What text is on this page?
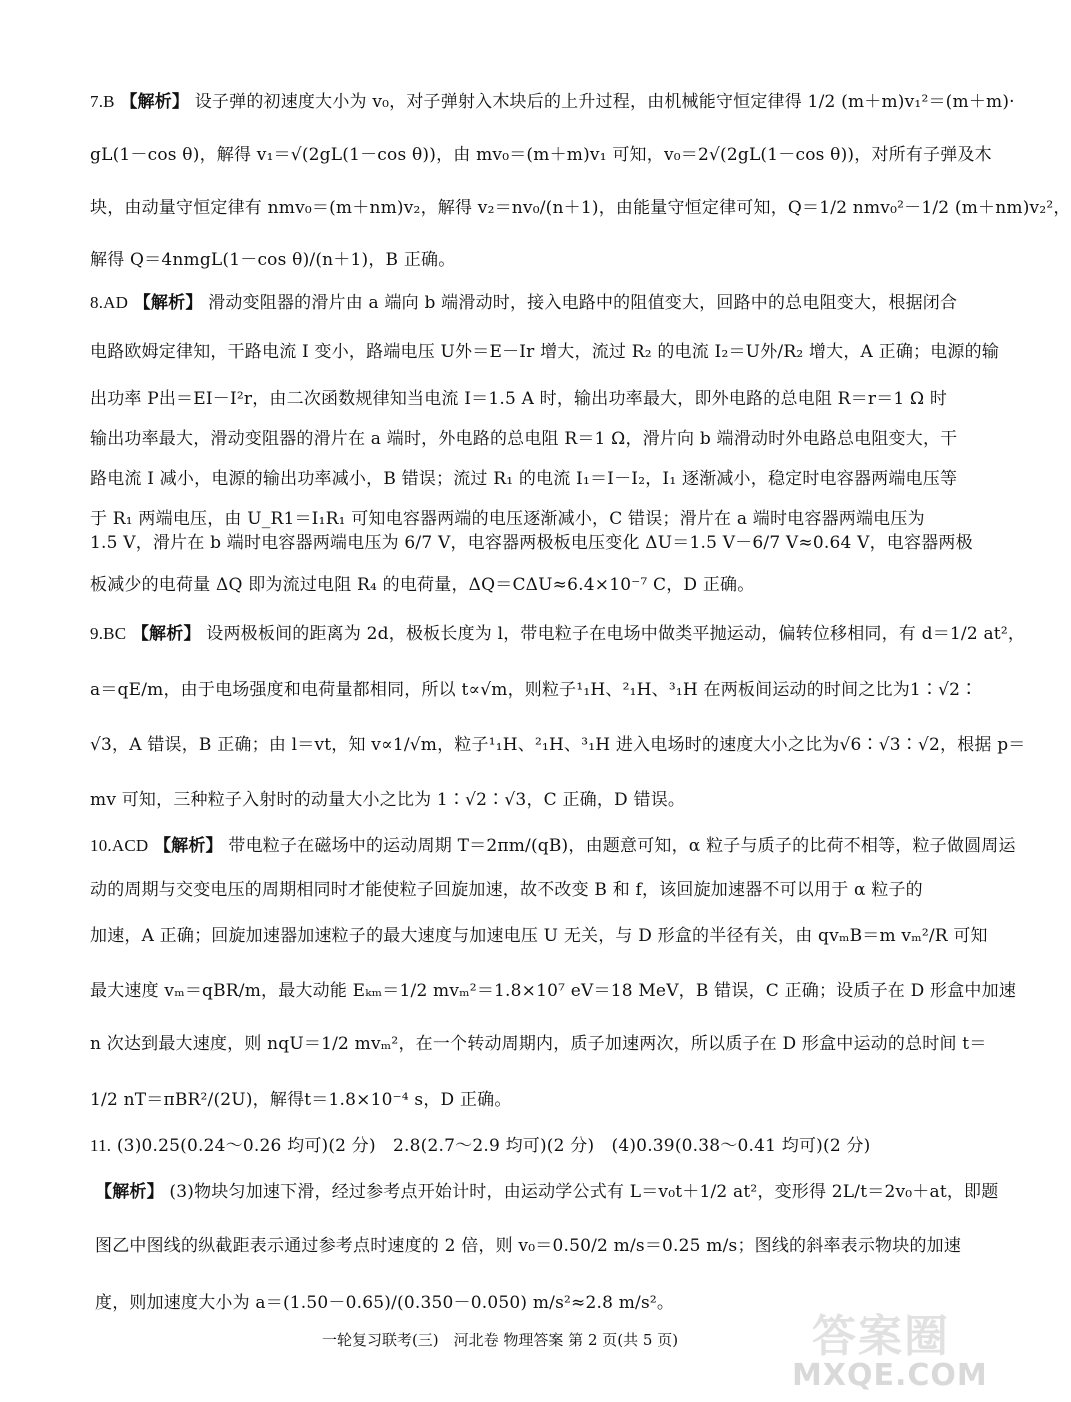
7.B 【解析】 设子弹的初速度大小为 v₀，对子弹射入木块后的上升过程，由机械能守恒定律得 1/2 (m＋m)v₁²＝(m＋m)·
gL(1－cos θ)，解得 v₁＝√(2gL(1－cos θ))，由 mv₀＝(m＋m)v₁ 可知，v₀＝2√(2gL(1－cos θ))，对所有子弹及木
块，由动量守恒定律有 nmv₀＝(m＋nm)v₂，解得 v₂＝nv₀/(n＋1)，由能量守恒定律可知，Q＝1/2 nmv₀²－1/2 (m＋nm)v₂²，
解得 Q＝4nmgL(1－cos θ)/(n＋1)，B 正确。
8.AD 【解析】 滑动变阻器的滑片由 a 端向 b 端滑动时，接入电路中的阻值变大，回路中的总电阻变大，根据闭合
电路欧姆定律知，干路电流 I 变小，路端电压 U外＝E－Ir 增大，流过 R₂ 的电流 I₂＝U外/R₂ 增大，A 正确；电源的输
出功率 P出＝EI－I²r，由二次函数规律知当电流 I＝1.5 A 时，输出功率最大，即外电路的总电阻 R＝r＝1 Ω 时
输出功率最大，滑动变阻器的滑片在 a 端时，外电路的总电阻 R＝1 Ω，滑片向 b 端滑动时外电路总电阻变大，干
路电流 I 减小，电源的输出功率减小，B 错误；流过 R₁ 的电流 I₁＝I－I₂，I₁ 逐渐减小，稳定时电容器两端电压等
于 R₁ 两端电压，由 U_R1＝I₁R₁ 可知电容器两端的电压逐渐减小，C 错误；滑片在 a 端时电容器两端电压为
1.5 V，滑片在 b 端时电容器两端电压为 6/7 V，电容器两极板电压变化 ΔU＝1.5 V－6/7 V≈0.64 V，电容器两极
板减少的电荷量 ΔQ 即为流过电阻 R₄ 的电荷量，ΔQ＝CΔU≈6.4×10⁻⁷ C，D 正确。
9.BC 【解析】 设两极板间的距离为 2d，极板长度为 l，带电粒子在电场中做类平抛运动，偏转位移相同，有 d＝1/2 at²，
a＝qE/m，由于电场强度和电荷量都相同，所以 t∝√m，则粒子¹₁H、²₁H、³₁H 在两板间运动的时间之比为1∶√2∶
√3，A 错误，B 正确；由 l＝vt，知 v∝1/√m，粒子¹₁H、²₁H、³₁H 进入电场时的速度大小之比为√6∶√3∶√2，根据 p＝
mv 可知，三种粒子入射时的动量大小之比为 1∶√2∶√3，C 正确，D 错误。
10.ACD 【解析】 带电粒子在磁场中的运动周期 T＝2πm/(qB)，由题意可知，α 粒子与质子的比荷不相等，粒子做圆周运
动的周期与交变电压的周期相同时才能使粒子回旋加速，故不改变 B 和 f，该回旋加速器不可以用于 α 粒子的
加速，A 正确；回旋加速器加速粒子的最大速度与加速电压 U 无关，与 D 形盒的半径有关，由 qvₘB＝m vₘ²/R 可知
最大速度 vₘ＝qBR/m，最大动能 Eₖₘ＝1/2 mvₘ²＝1.8×10⁷ eV＝18 MeV，B 错误，C 正确；设质子在 D 形盒中加速
n 次达到最大速度，则 nqU＝1/2 mvₘ²，在一个转动周期内，质子加速两次，所以质子在 D 形盒中运动的总时间 t＝
1/2 nT＝πBR²/(2U)，解得t＝1.8×10⁻⁴ s，D 正确。
11. (3)0.25(0.24～0.26 均可)(2 分)　2.8(2.7～2.9 均可)(2 分)　(4)0.39(0.38～0.41 均可)(2 分)
【解析】 (3)物块匀加速下滑，经过参考点开始计时，由运动学公式有 L＝v₀t＋1/2 at²，变形得 2L/t＝2v₀＋at，即题
图乙中图线的纵截距表示通过参考点时速度的 2 倍，则 v₀＝0.50/2 m/s＝0.25 m/s；图线的斜率表示物块的加速
度，则加速度大小为 a＝(1.50－0.65)/(0.350－0.050) m/s²≈2.8 m/s²。
一轮复习联考(三)　河北卷 物理答案 第 2 页(共 5 页)	答案圈
MXQE.COM
